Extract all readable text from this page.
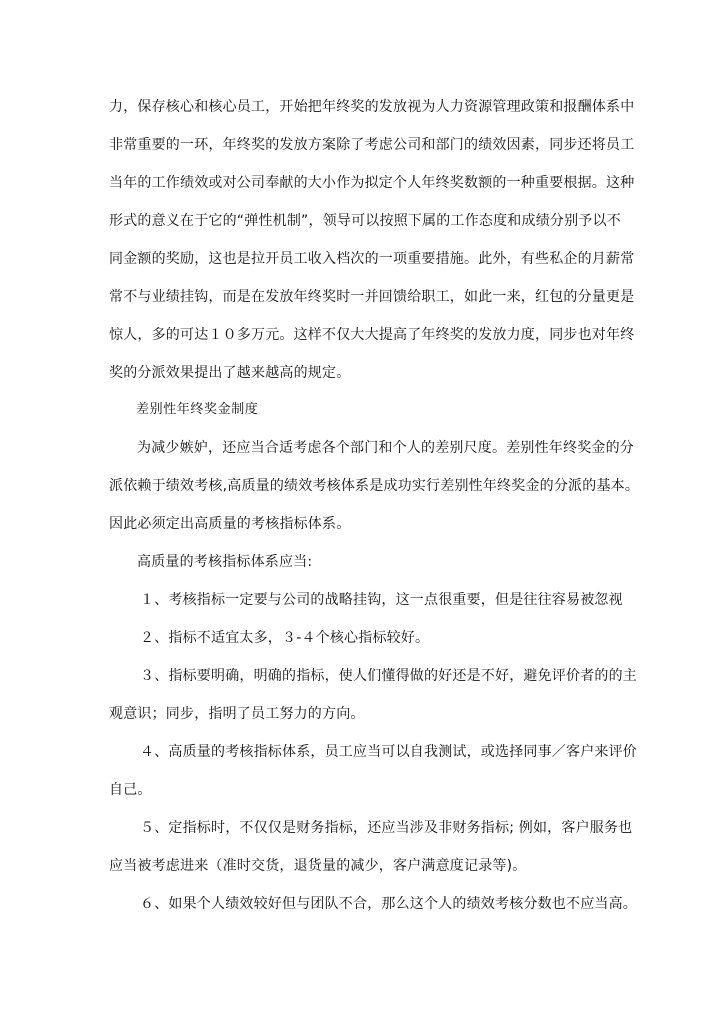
力，保存核心和核心员工，开始把年终奖的发放视为人力资源管理政策和报酬体系中
非常重要的一环，年终奖的发放方案除了考虑公司和部门的绩效因素，同步还将员工
当年的工作绩效或对公司奉献的大小作为拟定个人年终奖数额的一种重要根据。这种
形式的意义在于它的“弹性机制”，领导可以按照下属的工作态度和成绩分别予以不
同金额的奖励，这也是拉开员工收入档次的一项重要措施。此外，有些私企的月薪常
常不与业绩挂钩，而是在发放年终奖时一并回馈给职工，如此一来，红包的分量更是
惊人，多的可达１０多万元。这样不仅大大提高了年终奖的发放力度，同步也对年终
奖的分派效果提出了越来越高的规定。
差别性年终奖金制度
为减少嫉妒，还应当合适考虑各个部门和个人的差别尺度。差别性年终奖金的分
派依赖于绩效考核,高质量的绩效考核体系是成功实行差别性年终奖金的分派的基本。
因此必须定出高质量的考核指标体系。
高质量的考核指标体系应当:
１、考核指标一定要与公司的战略挂钩，这一点很重要，但是往往容易被忽视
２、指标不适宜太多，３-４个核心指标较好。
３、指标要明确，明确的指标，使人们懂得做的好还是不好，避免评价者的的主
观意识；同步，指明了员工努力的方向。
４、高质量的考核指标体系，员工应当可以自我测试，或选择同事／客户来评价
自己。
５、定指标时，不仅仅是财务指标，还应当涉及非财务指标; 例如，客户服务也
应当被考虑进来（准时交货，退货量的减少，客户满意度记录等)。
６、如果个人绩效较好但与团队不合，那么这个人的绩效考核分数也不应当高。
